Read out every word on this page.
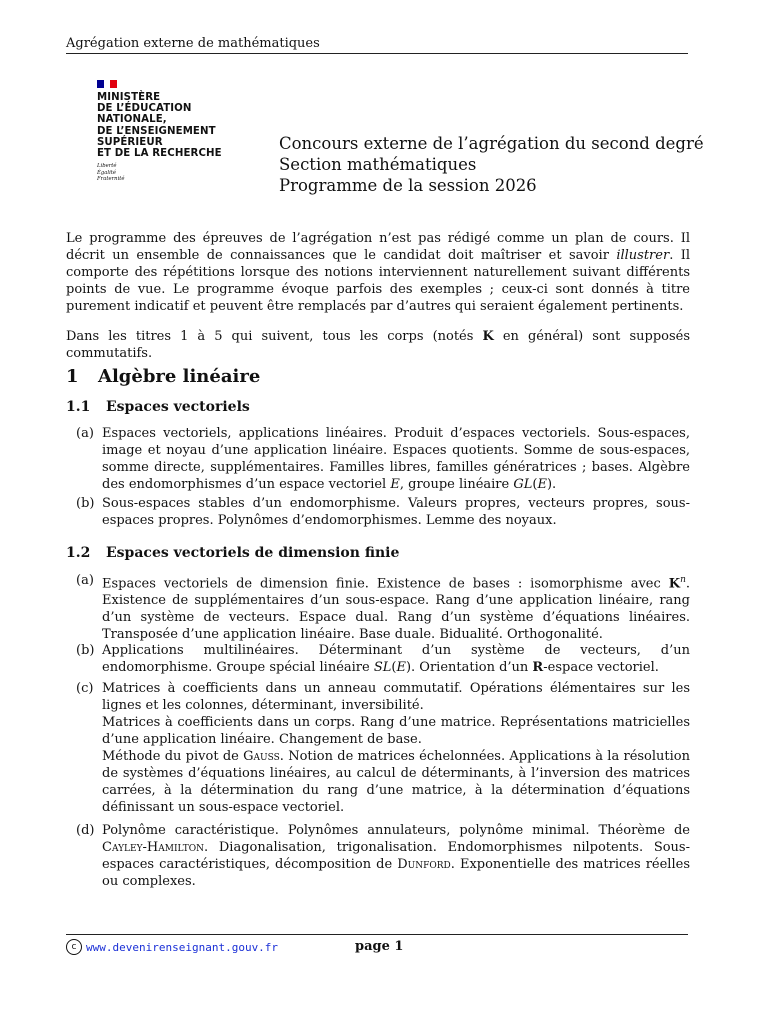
Agrégation externe de mathématiques
MINISTÈRE
DE L’ÉDUCATION
NATIONALE,
DE L’ENSEIGNEMENT
SUPÉRIEUR
ET DE LA RECHERCHE
Liberté
Égalité
Fraternité
Concours externe de l’agrégation du second degré
Section mathématiques
Programme de la session 2026

Le programme des épreuves de l’agrégation n’est pas rédigé comme un plan de cours. Il décrit un ensemble de connaissances que le candidat doit maîtriser et savoir illustrer. Il comporte des répétitions lorsque des notions interviennent naturellement suivant différents points de vue. Le programme évoque parfois des exemples ; ceux-ci sont donnés à titre purement indicatif et peuvent être remplacés par d’autres qui seraient également pertinents.

Dans les titres 1 à 5 qui suivent, tous les corps (notés K en général) sont supposés commutatifs.

1 Algèbre linéaire
1.1 Espaces vectoriels

(a) Espaces vectoriels, applications linéaires. Produit d’espaces vectoriels. Sous-espaces, image et noyau d’une application linéaire. Espaces quotients. Somme de sous-espaces, somme directe, supplémentaires. Familles libres, familles génératrices ; bases. Algèbre des endomorphismes d’un espace vectoriel E, groupe linéaire GL(E).

(b) Sous-espaces stables d’un endomorphisme. Valeurs propres, vecteurs propres, sous-espaces propres. Polynômes d’endomorphismes. Lemme des noyaux.

1.2 Espaces vectoriels de dimension finie

(a) Espaces vectoriels de dimension finie. Existence de bases : isomorphisme avec $K^n$. Existence de supplémentaires d’un sous-espace. Rang d’une application linéaire, rang d’un système de vecteurs. Espace dual. Rang d’un système d’équations linéaires. Transposée d’une application linéaire. Base duale. Bidualité. Orthogonalité.

(b) Applications multilinéaires. Déterminant d’un système de vecteurs, d’un endomorphisme. Groupe spécial linéaire SL(E). Orientation d’un R-espace vectoriel.

(c) Matrices à coefficients dans un anneau commutatif. Opérations élémentaires sur les lignes et les colonnes, déterminant, inversibilité.
Matrices à coefficients dans un corps. Rang d’une matrice. Représentations matricielles d’une application linéaire. Changement de base.
Méthode du pivot de Gauss. Notion de matrices échelonnées. Applications à la résolution de systèmes d’équations linéaires, au calcul de déterminants, à l’inversion des matrices carrées, à la détermination du rang d’une matrice, à la détermination d’équations définissant un sous-espace vectoriel.

(d) Polynôme caractéristique. Polynômes annulateurs, polynôme minimal. Théorème de Cayley-Hamilton. Diagonalisation, trigonalisation. Endomorphismes nilpotents. Sous-espaces caractéristiques, décomposition de Dunford. Exponentielle des matrices réelles ou complexes.

c www.devenirenseignant.gouv.fr	page 1
